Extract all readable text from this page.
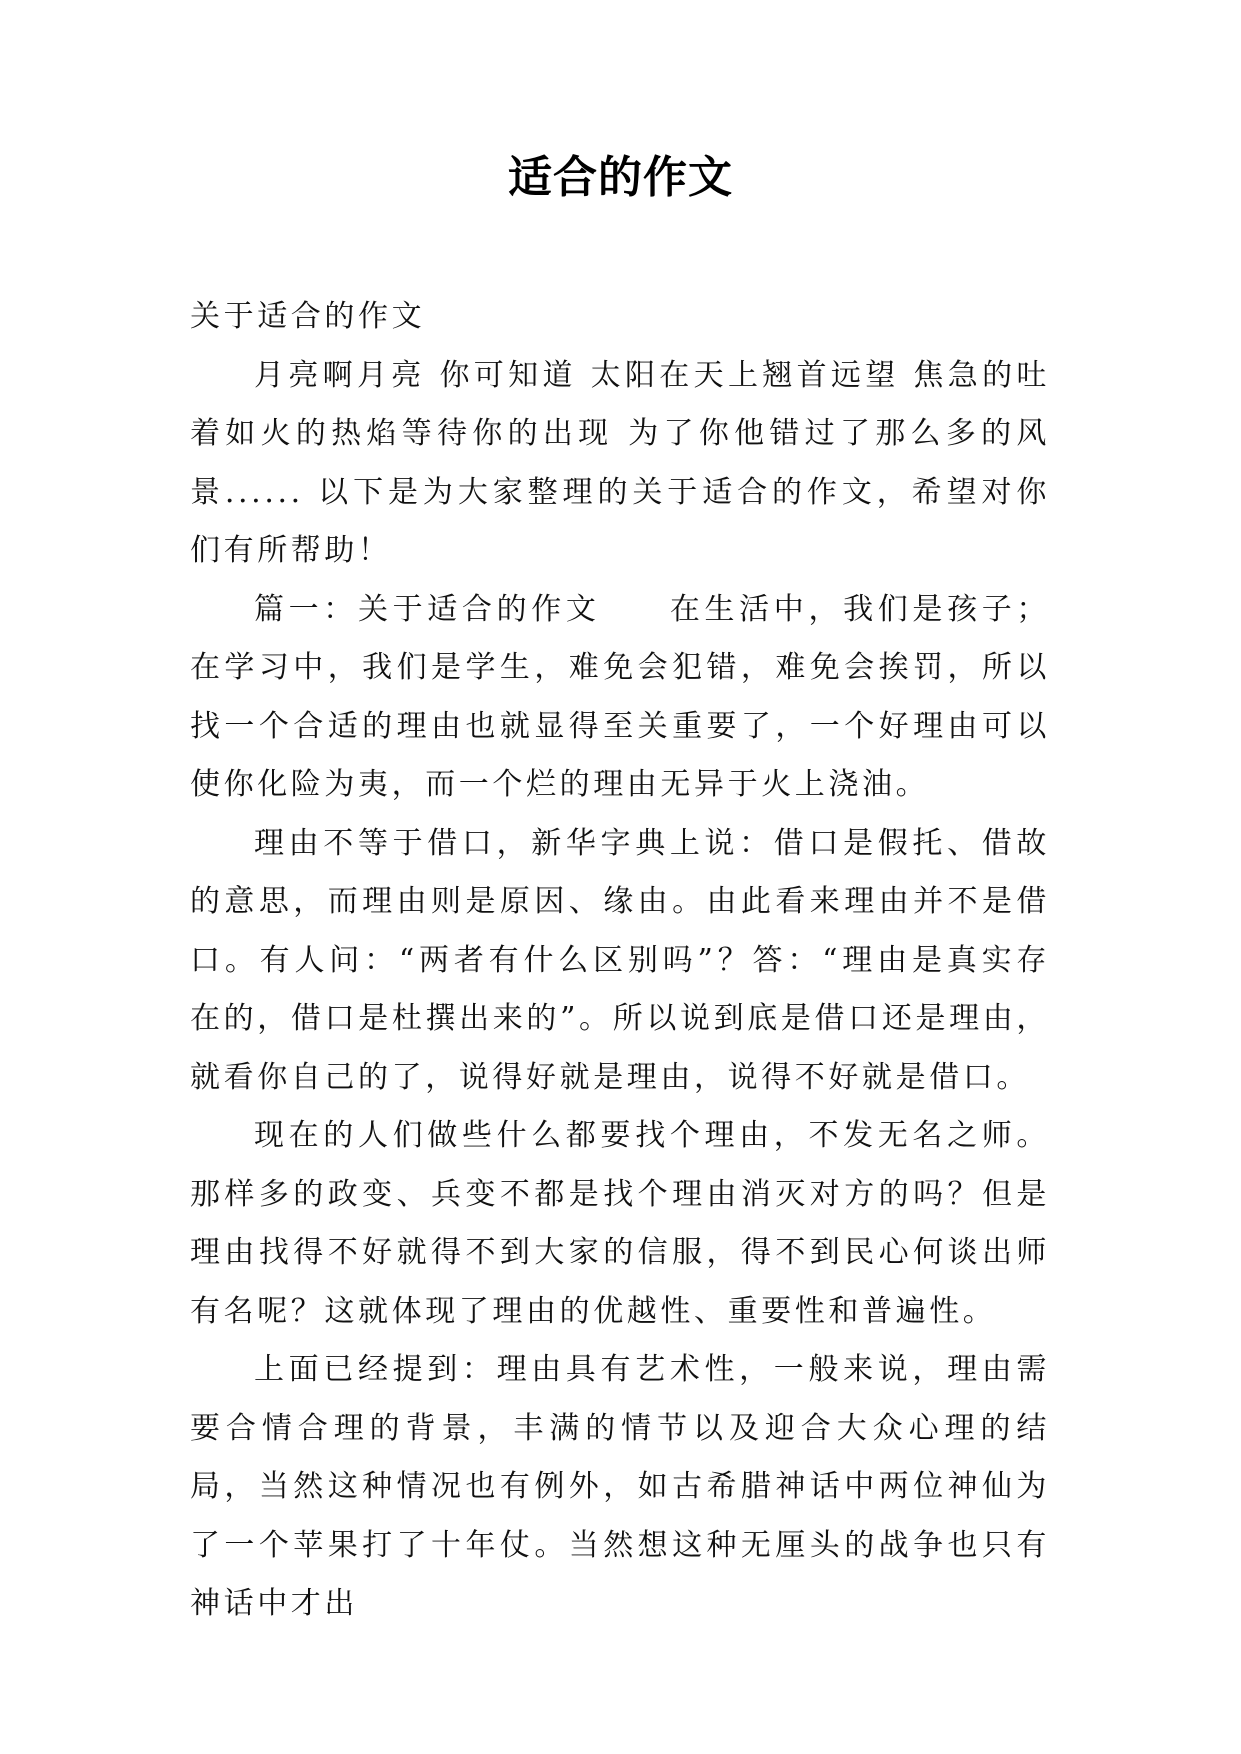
适合的作文

关于适合的作文

月亮啊月亮 你可知道 太阳在天上翘首远望 焦急的吐着如火的热焰等待你的出现 为了你他错过了那么多的风景...... 以下是为大家整理的关于适合的作文，希望对你们有所帮助！

篇一：关于适合的作文　　在生活中，我们是孩子；在学习中，我们是学生，难免会犯错，难免会挨罚，所以找一个合适的理由也就显得至关重要了，一个好理由可以使你化险为夷，而一个烂的理由无异于火上浇油。

理由不等于借口，新华字典上说：借口是假托、借故的意思，而理由则是原因、缘由。由此看来理由并不是借口。有人问：“两者有什么区别吗”？答：“理由是真实存在的，借口是杜撰出来的”。所以说到底是借口还是理由，就看你自己的了，说得好就是理由，说得不好就是借口。

现在的人们做些什么都要找个理由，不发无名之师。那样多的政变、兵变不都是找个理由消灭对方的吗？但是理由找得不好就得不到大家的信服，得不到民心何谈出师有名呢？这就体现了理由的优越性、重要性和普遍性。

上面已经提到：理由具有艺术性，一般来说，理由需要合情合理的背景，丰满的情节以及迎合大众心理的结局，当然这种情况也有例外，如古希腊神话中两位神仙为了一个苹果打了十年仗。当然想这种无厘头的战争也只有神话中才出
